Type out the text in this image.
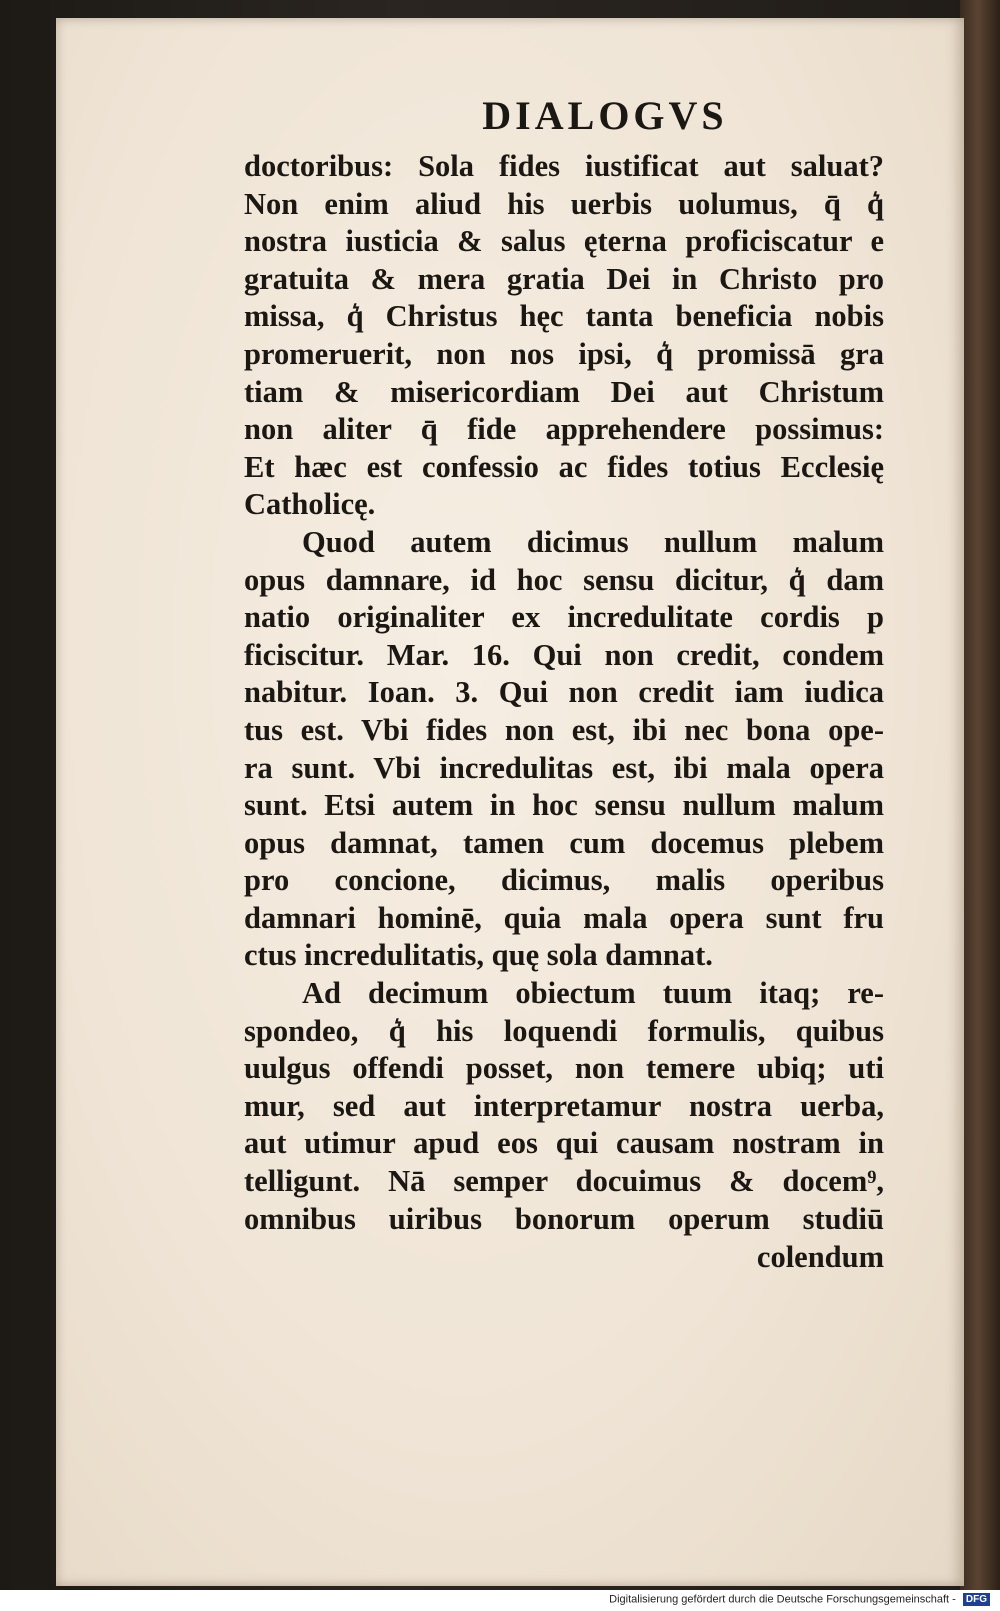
DIALOGVS
doctoribus: Sola fides iustificat aut saluat?
Non enim aliud his uerbis uolumus, q̄ q͛
nostra iusticia & salus ęterna proficiscatur e
gratuita & mera gratia Dei in Christo pro
missa, q͛ Christus hęc tanta beneficia nobis
promeruerit, non nos ipsi, q͛ promissā gra
tiam & misericordiam Dei aut Christum
non aliter q̄ fide apprehendere possimus:
Et hæc est confessio ac fides totius Ecclesię
Catholicę.
Quod autem dicimus nullum malum
opus damnare, id hoc sensu dicitur, q͛ dam
natio originaliter ex incredulitate cordis p
ficiscitur. Mar. 16. Qui non credit, condem
nabitur. Ioan. 3. Qui non credit iam iudica
tus est. Vbi fides non est, ibi nec bona ope-
ra sunt. Vbi incredulitas est, ibi mala opera
sunt. Etsi autem in hoc sensu nullum malum
opus damnat, tamen cum docemus plebem
pro concione, dicimus, malis operibus
damnari hominē, quia mala opera sunt fru
ctus incredulitatis, quę sola damnat.
Ad decimum obiectum tuum itaq; re-
spondeo, q͛ his loquendi formulis, quibus
uulgus offendi posset, non temere ubiq; uti
mur, sed aut interpretamur nostra uerba,
aut utimur apud eos qui causam nostram in
telligunt. Nā semper docuimus & docem⁹,
omnibus uiribus bonorum operum studiū
colendum
Digitalisierung gefördert durch die Deutsche Forschungsgemeinschaft - DFG
